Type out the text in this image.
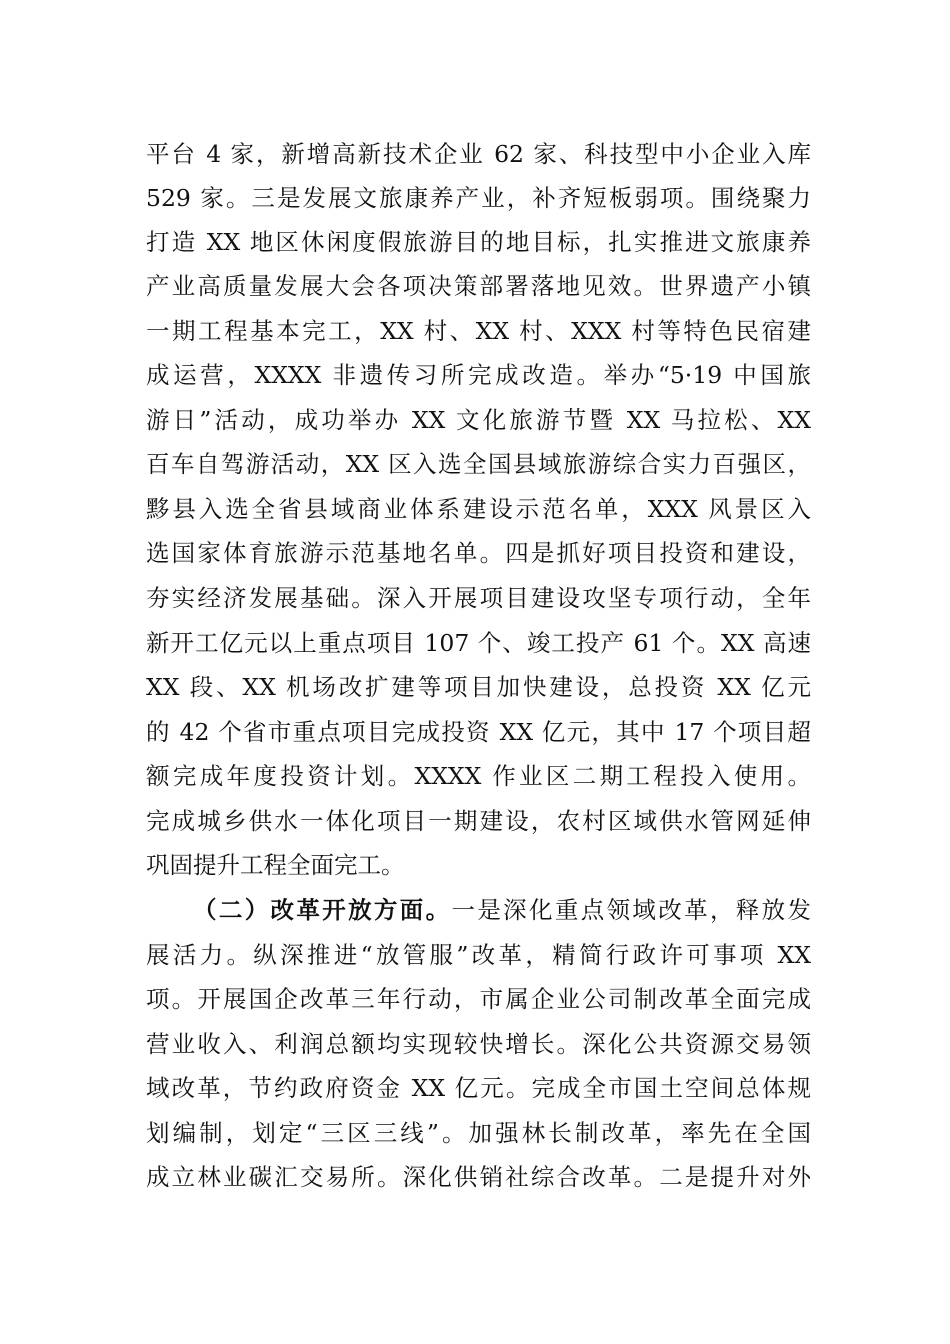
平台 4 家，新增高新技术企业 62 家、科技型中小企业入库
529 家。三是发展文旅康养产业，补齐短板弱项。围绕聚力
打造 XX 地区休闲度假旅游目的地目标，扎实推进文旅康养
产业高质量发展大会各项决策部署落地见效。世界遗产小镇
一期工程基本完工，XX 村、XX 村、XXX 村等特色民宿建
成运营，XXXX 非遗传习所完成改造。举办“5·19 中国旅
游日”活动，成功举办 XX 文化旅游节暨 XX 马拉松、XX
百车自驾游活动，XX 区入选全国县域旅游综合实力百强区，
黟县入选全省县域商业体系建设示范名单，XXX 风景区入
选国家体育旅游示范基地名单。四是抓好项目投资和建设，
夯实经济发展基础。深入开展项目建设攻坚专项行动，全年
新开工亿元以上重点项目 107 个、竣工投产 61 个。XX 高速
XX 段、XX 机场改扩建等项目加快建设，总投资 XX 亿元
的 42 个省市重点项目完成投资 XX 亿元，其中 17 个项目超
额完成年度投资计划。XXXX 作业区二期工程投入使用。
完成城乡供水一体化项目一期建设，农村区域供水管网延伸
巩固提升工程全面完工。
（二）改革开放方面。一是深化重点领域改革，释放发
展活力。纵深推进“放管服”改革，精简行政许可事项 XX
项。开展国企改革三年行动，市属企业公司制改革全面完成
营业收入、利润总额均实现较快增长。深化公共资源交易领
域改革，节约政府资金 XX 亿元。完成全市国土空间总体规
划编制，划定“三区三线”。加强林长制改革，率先在全国
成立林业碳汇交易所。深化供销社综合改革。二是提升对外
